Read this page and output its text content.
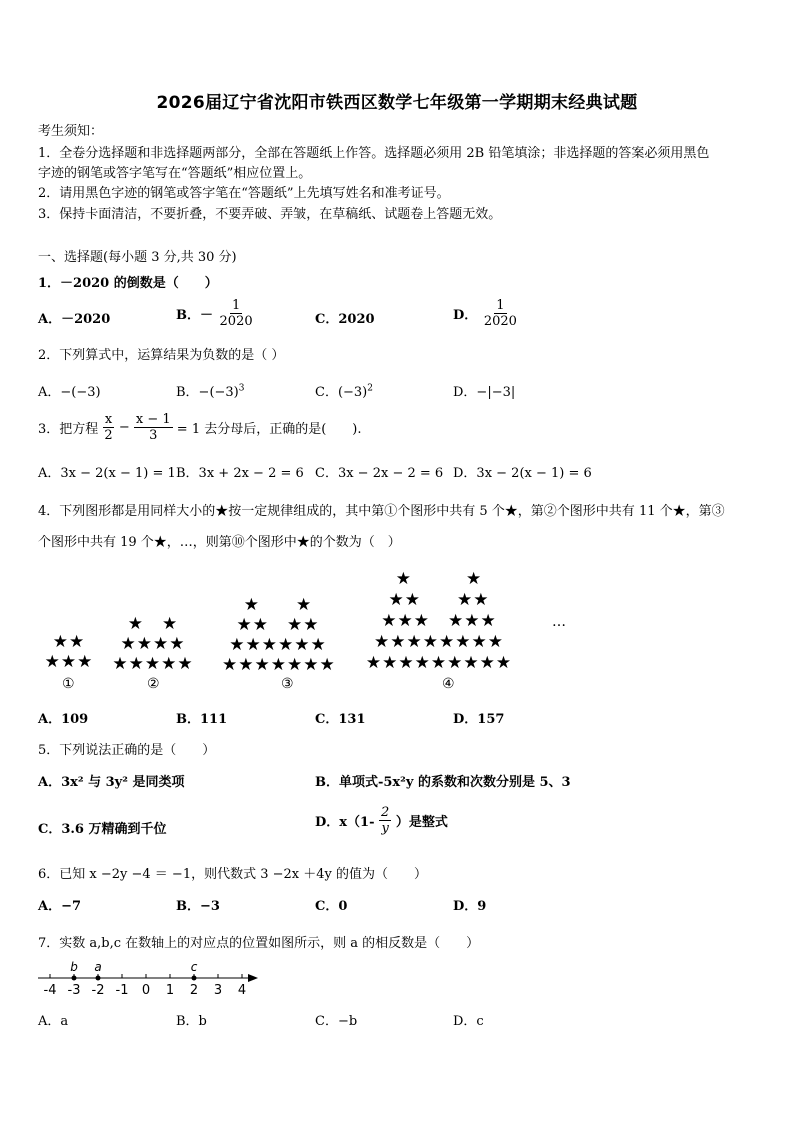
2026届辽宁省沈阳市铁西区数学七年级第一学期期末经典试题
考生须知：
1．全卷分选择题和非选择题两部分，全部在答题纸上作答。选择题必须用 2B 铅笔填涂；非选择题的答案必须用黑色
字迹的钢笔或答字笔写在“答题纸”相应位置上。
2．请用黑色字迹的钢笔或答字笔在“答题纸”上先填写姓名和准考证号。
3．保持卡面清洁，不要折叠，不要弄破、弄皱，在草稿纸、试题卷上答题无效。
一、选择题(每小题 3 分,共 30 分)
1．－2020 的倒数是（　　）
A．－2020	B．－ $\frac{1}{2020}$	C．2020	D． $\frac{1}{2020}$
2．下列算式中，运算结果为负数的是（ ）
A．−(−3)	B．$-(-3)^3$	C．$(-3)^2$	D．−|−3|
3．把方程 $\frac{x}{2} - \frac{x - 1}{3} = 1$ 去分母后，正确的是(　　).
A．3x − 2(x − 1) = 1 B．3x + 2x − 2 = 6 C．3x − 2x − 2 = 6 D．3x − 2(x − 1) = 6
4．下列图形都是用同样大小的★按一定规律组成的，其中第①个图形中共有 5 个★，第②个图形中共有 11 个★，第③
个图形中共有 19 个★，…，则第⑩个图形中★的个数为（　）
★★
★★★
★　★
★★★★
★★★★★
★　　★
★★　★★
★★★★★★
★★★★★★★
★　　　★
★★　　★★
★★★　★★★
★★★★★★★★
★★★★★★★★★
…
①	②	③	④
A．109	B．111	C．131	D．157
5．下列说法正确的是（　　）
A．3x² 与 3y² 是同类项	B．单项式-5x²y 的系数和次数分别是 5、3
C．3.6 万精确到千位	D．$x(1- \frac{2}{y}$ ）是整式
6．已知 x −2y −4 ＝ −1，则代数式 3 −2x ＋4y 的值为（　　）
A．−7	B．−3	C．0	D．9
7．实数 a,b,c 在数轴上的对应点的位置如图所示，则 a 的相反数是（　　）
-4 -3 -2 -1 0 1 2 3 4
b a	c
A．a	B．b	C．−b	D．c
